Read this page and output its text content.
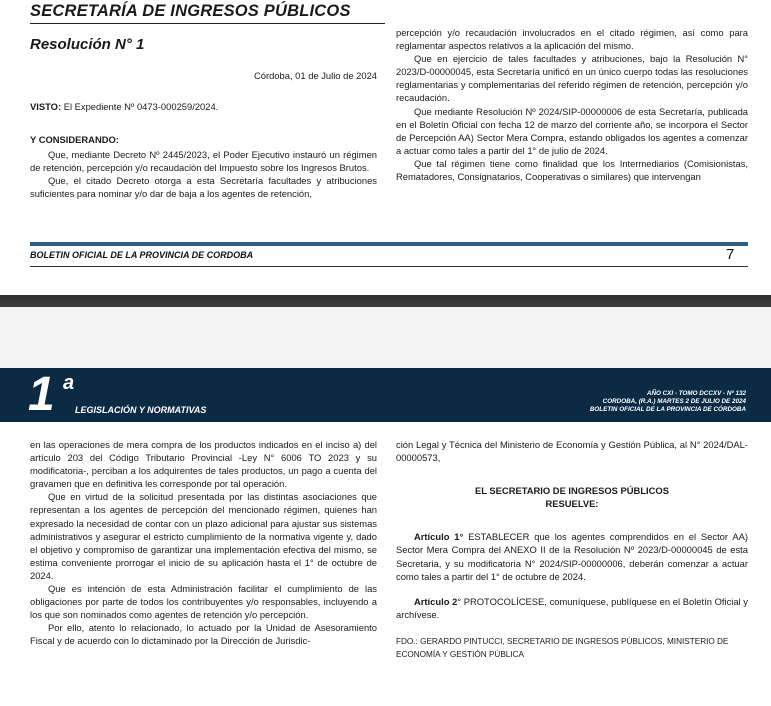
SECRETARÍA DE INGRESOS PÚBLICOS
Resolución N° 1
Córdoba, 01 de Julio de 2024
VISTO: El Expediente Nº 0473-000259/2024.
Y CONSIDERANDO:

Que, mediante Decreto Nº 2445/2023, el Poder Ejecutivo instauró un régimen de retención, percepción y/o recaudación del Impuesto sobre los Ingresos Brutos.

Que, el citado Decreto otorga a esta Secretaría facultades y atribuciones suficientes para nominar y/o dar de baja a los agentes de retención,

percepción y/o recaudación involucrados en el citado régimen, así como para reglamentar aspectos relativos a la aplicación del mismo.

Que en ejercicio de tales facultades y atribuciones, bajo la Resolución N° 2023/D-00000045, esta Secretaría unificó en un único cuerpo todas las resoluciones reglamentarias y complementarias del referido régimen de retención, percepción y/o recaudación.

Que mediante Resolución Nº 2024/SIP-00000006 de esta Secretaría, publicada en el Boletín Oficial con fecha 12 de marzo del corriente año, se incorpora el Sector de Percepción AA) Sector Mera Compra, estando obligados los agentes a comenzar a actuar como tales a partir del 1° de julio de 2024.

Que tal régimen tiene como finalidad que los Intermediarios (Comisionistas, Rematadores, Consignatarios, Cooperativas o similares) que intervengan

BOLETIN OFICIAL DE LA PROVINCIA DE CORDOBA	7
1 a
LEGISLACIÓN Y NORMATIVAS
AÑO CXI - TOMO DCCXV - Nº 132
CORDOBA, (R.A.) MARTES 2 DE JULIO DE 2024
BOLETIN OFICIAL DE LA PROVINCIA DE CÓRDOBA

en las operaciones de mera compra de los productos indicados en el inciso a) del artículo 203 del Código Tributario Provincial -Ley N° 6006 TO 2023 y su modificatoria-, perciban a los adquirentes de tales productos, un pago a cuenta del gravamen que en definitiva les corresponde por tal operación.

Que en virtud de la solicitud presentada por las distintas asociaciones que representan a los agentes de percepción del mencionado régimen, quienes han expresado la necesidad de contar con un plazo adicional para ajustar sus sistemas administrativos y asegurar el estricto cumplimiento de la normativa vigente y, dado el objetivo y compromiso de garantizar una implementación efectiva del mismo, se estima conveniente prorrogar el inicio de su aplicación hasta el 1° de octubre de 2024.

Que es intención de esta Administración facilitar el cumplimiento de las obligaciones por parte de todos los contribuyentes y/o responsables, incluyendo a los que son nominados como agentes de retención y/o percepción.

Por ello, atento lo relacionado, lo actuado por la Unidad de Asesoramiento Fiscal y de acuerdo con lo dictaminado por la Dirección de Jurisdic-

ción Legal y Técnica del Ministerio de Economía y Gestión Pública, al N° 2024/DAL-00000573,

EL SECRETARIO DE INGRESOS PÚBLICOS

RESUELVE:

Artículo 1° ESTABLECER que los agentes comprendidos en el Sector AA) Sector Mera Compra del ANEXO II de la Resolución Nº 2023/D-00000045 de esta Secretaria, y su modificatoria N° 2024/SIP-00000006, deberán comenzar a actuar como tales a partir del 1° de octubre de 2024.

Artículo 2° PROTOCOLÍCESE, comuníquese, publíquese en el Boletín Oficial y archívese.

FDO.: GERARDO PINTUCCI, SECRETARIO DE INGRESOS PÚBLICOS, MINISTERIO DE ECONOMÍA Y GESTIÓN PÚBLICA
